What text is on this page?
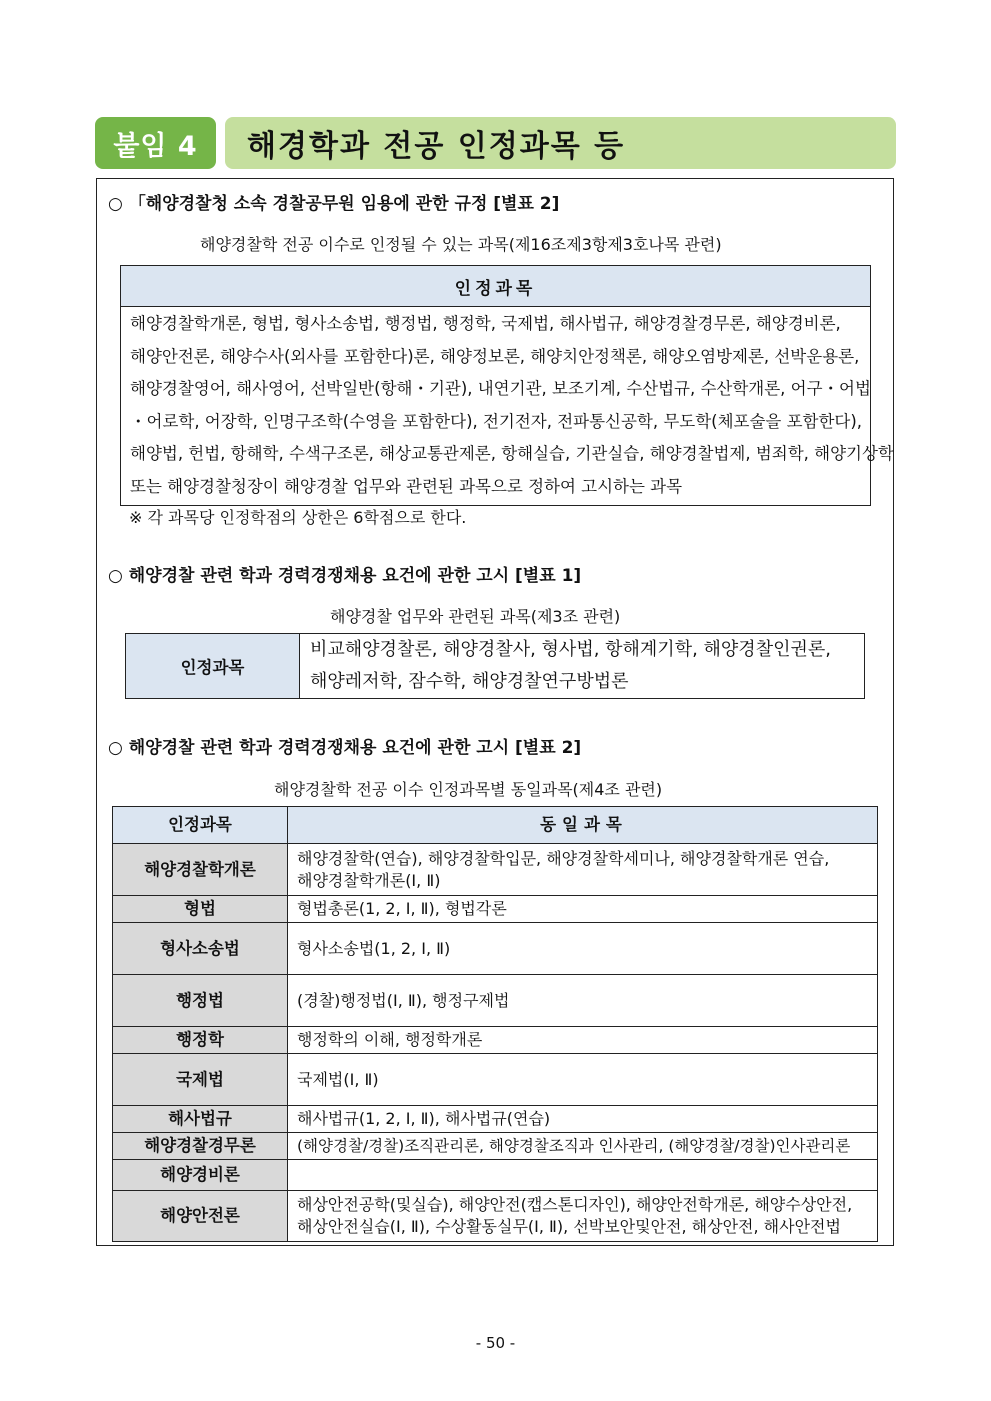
붙임 4	해경학과 전공 인정과목 등
○ 「해양경찰청 소속 경찰공무원 임용에 관한 규정 [별표 2]
해양경찰학 전공 이수로 인정될 수 있는 과목(제16조제3항제3호나목 관련)
인정과목
해양경찰학개론, 형법, 형사소송법, 행정법, 행정학, 국제법, 해사법규, 해양경찰경무론, 해양경비론,
해양안전론, 해양수사(외사를 포함한다)론, 해양정보론, 해양치안정책론, 해양오염방제론, 선박운용론,
해양경찰영어, 해사영어, 선박일반(항해・기관), 내연기관, 보조기계, 수산법규, 수산학개론, 어구・어법
・어로학, 어장학, 인명구조학(수영을 포함한다), 전기전자, 전파통신공학, 무도학(체포술을 포함한다),
해양법, 헌법, 항해학, 수색구조론, 해상교통관제론, 항해실습, 기관실습, 해양경찰법제, 범죄학, 해양기상학
또는 해양경찰청장이 해양경찰 업무와 관련된 과목으로 정하여 고시하는 과목
※ 각 과목당 인정학점의 상한은 6학점으로 한다.
○ 해양경찰 관련 학과 경력경쟁채용 요건에 관한 고시 [별표 1]
해양경찰 업무와 관련된 과목(제3조 관련)
인정과목
비교해양경찰론, 해양경찰사, 형사법, 항해계기학, 해양경찰인권론,
해양레저학, 잠수학, 해양경찰연구방법론
○ 해양경찰 관련 학과 경력경쟁채용 요건에 관한 고시 [별표 2]
해양경찰학 전공 이수 인정과목별 동일과목(제4조 관련)
인정과목	동일과목
해양경찰학개론	해양경찰학(연습), 해양경찰학입문, 해양경찰학세미나, 해양경찰학개론 연습,
해양경찰학개론(Ⅰ, Ⅱ)

형법	형법총론(1, 2, Ⅰ, Ⅱ), 형법각론

형사소송법	형사소송법(1, 2, Ⅰ, Ⅱ)

행정법	(경찰)행정법(Ⅰ, Ⅱ), 행정구제법

행정학	행정학의 이해, 행정학개론

국제법	국제법(Ⅰ, Ⅱ)

해사법규	해사법규(1, 2, Ⅰ, Ⅱ), 해사법규(연습)

해양경찰경무론	(해양경찰/경찰)조직관리론, 해양경찰조직과 인사관리, (해양경찰/경찰)인사관리론

해양경비론	

해양안전론	해상안전공학(및실습), 해양안전(캡스톤디자인), 해양안전학개론, 해양수상안전,
해상안전실습(Ⅰ, Ⅱ), 수상활동실무(Ⅰ, Ⅱ), 선박보안및안전, 해상안전, 해사안전법
- 50 -
